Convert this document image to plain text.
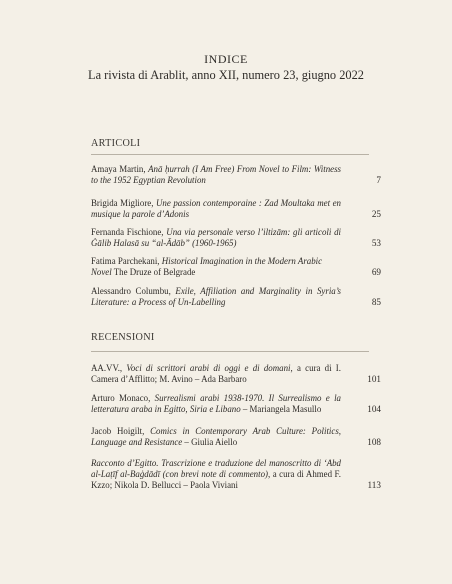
INDICE
La rivista di Arablit, anno XII, numero 23, giugno 2022
ARTICOLI
Amaya Martin, Anā ḥurrah (I Am Free) From Novel to Film: Witness to the 1952 Egyptian Revolution	7
Brigida Migliore, Une passion contemporaine : Zad Moultaka met en musique la parole d’Adonis	25
Fernanda Fischione, Una via personale verso l’iltizām: gli articoli di Ġālib Halasā su “al-Ādāb” (1960-1965)	53
Fatima Parchekani, Historical Imagination in the Modern Arabic Novel The Druze of Belgrade	69
Alessandro Columbu, Exile, Affiliation and Marginality in Syria’s Literature: a Process of Un-Labelling	85
RECENSIONI
AA.VV., Voci di scrittori arabi di oggi e di domani, a cura di I. Camera d’Afflitto; M. Avino – Ada Barbaro	101
Arturo Monaco, Surrealismi arabi 1938-1970. Il Surrealismo e la letteratura araba in Egitto, Siria e Libano – Mariangela Masullo	104
Jacob Hoigilt, Comics in Contemporary Arab Culture: Politics, Language and Resistance – Giulia Aiello	108
Racconto d’Egitto. Trascrizione e traduzione del manoscritto di ‘Abd al-Laṭīf al-Baġdādī (con brevi note di commento), a cura di Ahmed F. Kzzo; Nikola D. Bellucci – Paola Viviani	113
